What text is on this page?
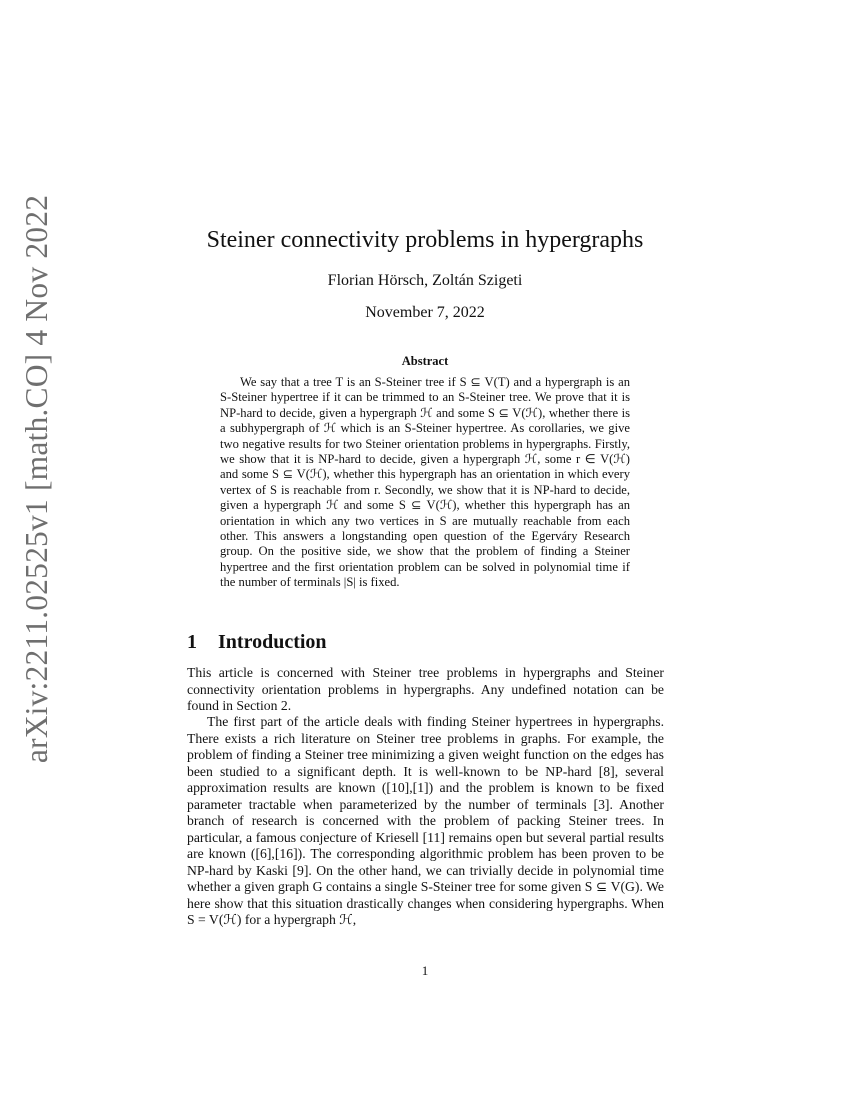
arXiv:2211.02525v1 [math.CO] 4 Nov 2022	Steiner connectivity problems in hypergraphs
Florian Hörsch, Zoltán Szigeti
November 7, 2022
Abstract

We say that a tree T is an S-Steiner tree if S ⊆ V(T) and a hypergraph is an S-Steiner hypertree if it can be trimmed to an S-Steiner tree. We prove that it is NP-hard to decide, given a hypergraph ℋ and some S ⊆ V(ℋ), whether there is a subhypergraph of ℋ which is an S-Steiner hypertree. As corollaries, we give two negative results for two Steiner orientation problems in hypergraphs. Firstly, we show that it is NP-hard to decide, given a hypergraph ℋ, some r ∈ V(ℋ) and some S ⊆ V(ℋ), whether this hypergraph has an orientation in which every vertex of S is reachable from r. Secondly, we show that it is NP-hard to decide, given a hypergraph ℋ and some S ⊆ V(ℋ), whether this hypergraph has an orientation in which any two vertices in S are mutually reachable from each other. This answers a longstanding open question of the Egerváry Research group. On the positive side, we show that the problem of finding a Steiner hypertree and the first orientation problem can be solved in polynomial time if the number of terminals |S| is fixed.

1 Introduction

This article is concerned with Steiner tree problems in hypergraphs and Steiner connectivity orientation problems in hypergraphs. Any undefined notation can be found in Section 2.

The first part of the article deals with finding Steiner hypertrees in hypergraphs. There exists a rich literature on Steiner tree problems in graphs. For example, the problem of finding a Steiner tree minimizing a given weight function on the edges has been studied to a significant depth. It is well-known to be NP-hard [8], several approximation results are known ([10],[1]) and the problem is known to be fixed parameter tractable when parameterized by the number of terminals [3]. Another branch of research is concerned with the problem of packing Steiner trees. In particular, a famous conjecture of Kriesell [11] remains open but several partial results are known ([6],[16]). The corresponding algorithmic problem has been proven to be NP-hard by Kaski [9]. On the other hand, we can trivially decide in polynomial time whether a given graph G contains a single S-Steiner tree for some given S ⊆ V(G). We here show that this situation drastically changes when considering hypergraphs. When S = V(ℋ) for a hypergraph ℋ,

1
